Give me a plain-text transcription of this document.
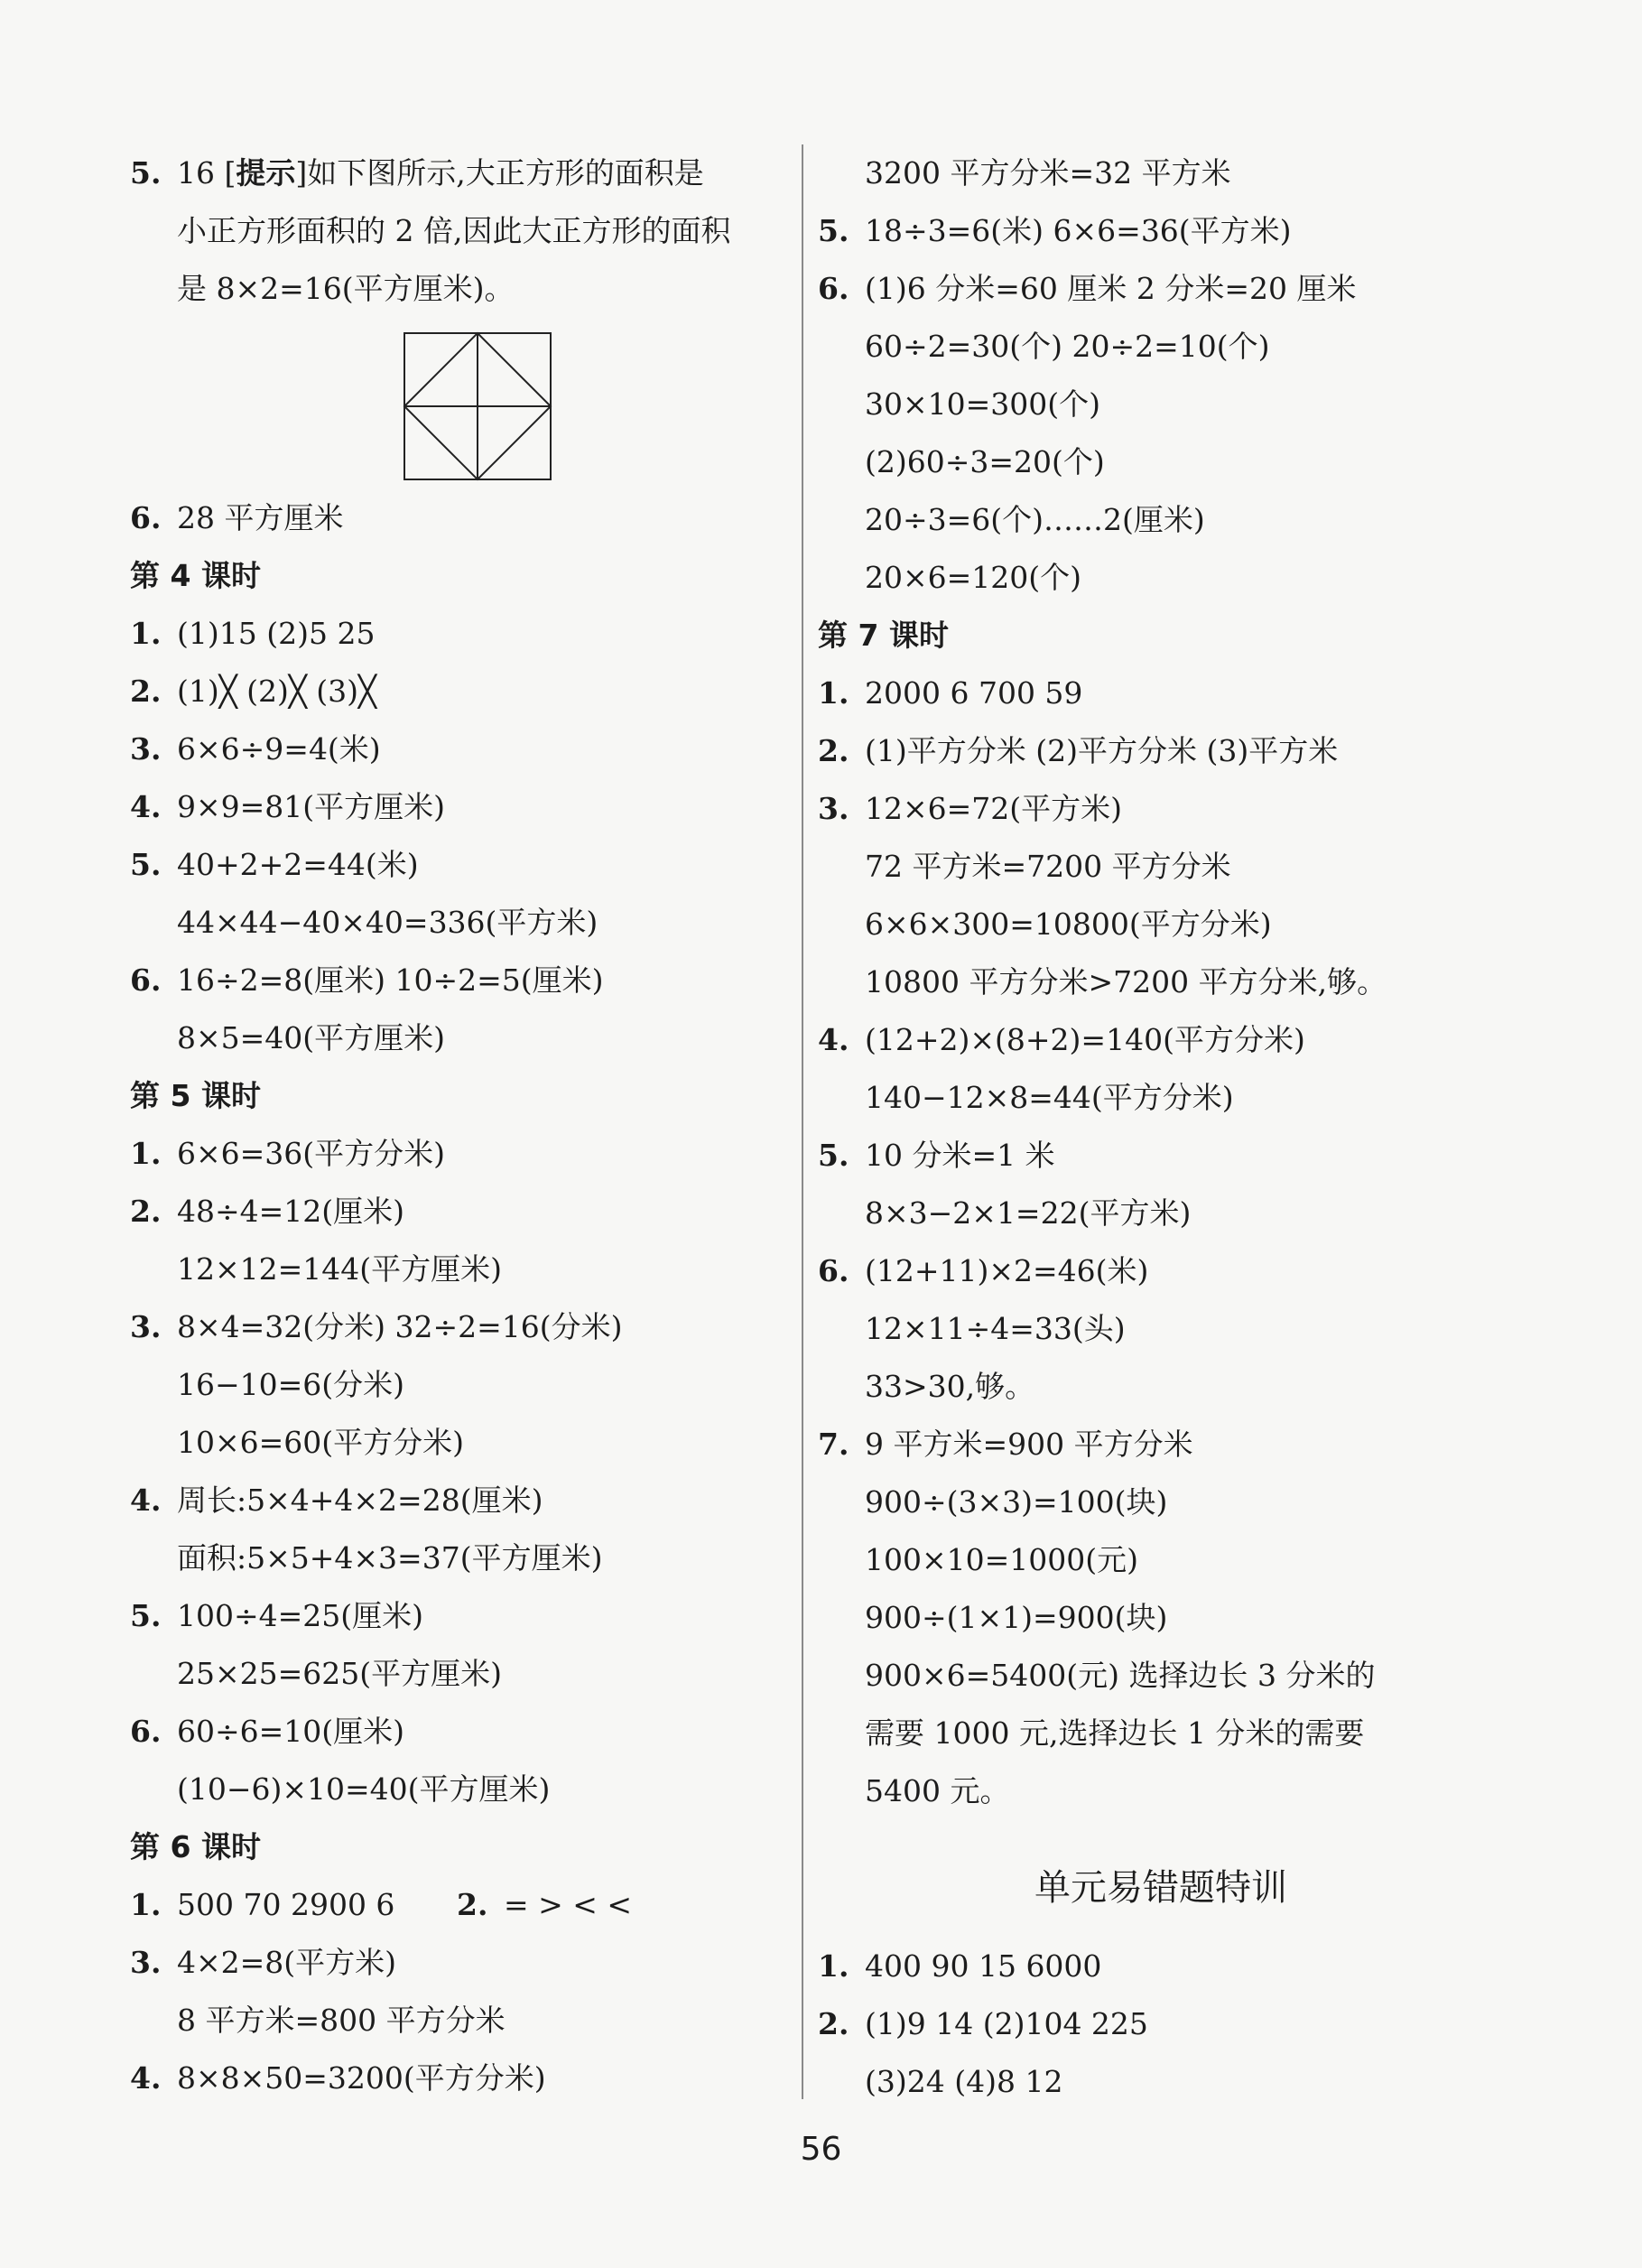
5. 16 [提示]如下图所示,大正方形的面积是
小正方形面积的 2 倍,因此大正方形的面积
是 8×2=16(平方厘米)。
6. 28 平方厘米
第 4 课时
1. (1)15 (2)5 25
2. (1)╳ (2)╳ (3)╳
3. 6×6÷9=4(米)
4. 9×9=81(平方厘米)
5. 40+2+2=44(米)
44×44−40×40=336(平方米)
6. 16÷2=8(厘米) 10÷2=5(厘米)
8×5=40(平方厘米)
第 5 课时
1. 6×6=36(平方分米)
2. 48÷4=12(厘米)
12×12=144(平方厘米)
3. 8×4=32(分米) 32÷2=16(分米)
16−10=6(分米)
10×6=60(平方分米)
4. 周长:5×4+4×2=28(厘米)
面积:5×5+4×3=37(平方厘米)
5. 100÷4=25(厘米)
25×25=625(平方厘米)
6. 60÷6=10(厘米)
(10−6)×10=40(平方厘米)
第 6 课时
1. 500 70 2900 6 2. = > < <
3. 4×2=8(平方米)
8 平方米=800 平方分米
4. 8×8×50=3200(平方分米)
3200 平方分米=32 平方米
5. 18÷3=6(米) 6×6=36(平方米)
6. (1)6 分米=60 厘米 2 分米=20 厘米
60÷2=30(个) 20÷2=10(个)
30×10=300(个)
(2)60÷3=20(个)
20÷3=6(个)……2(厘米)
20×6=120(个)
第 7 课时
1. 2000 6 700 59
2. (1)平方分米 (2)平方分米 (3)平方米
3. 12×6=72(平方米)
72 平方米=7200 平方分米
6×6×300=10800(平方分米)
10800 平方分米>7200 平方分米,够。
4. (12+2)×(8+2)=140(平方分米)
140−12×8=44(平方分米)
5. 10 分米=1 米
8×3−2×1=22(平方米)
6. (12+11)×2=46(米)
12×11÷4=33(头)
33>30,够。
7. 9 平方米=900 平方分米
900÷(3×3)=100(块)
100×10=1000(元)
900÷(1×1)=900(块)
900×6=5400(元) 选择边长 3 分米的
需要 1000 元,选择边长 1 分米的需要
5400 元。
单元易错题特训
1. 400 90 15 6000
2. (1)9 14 (2)104 225
(3)24 (4)8 12
56
